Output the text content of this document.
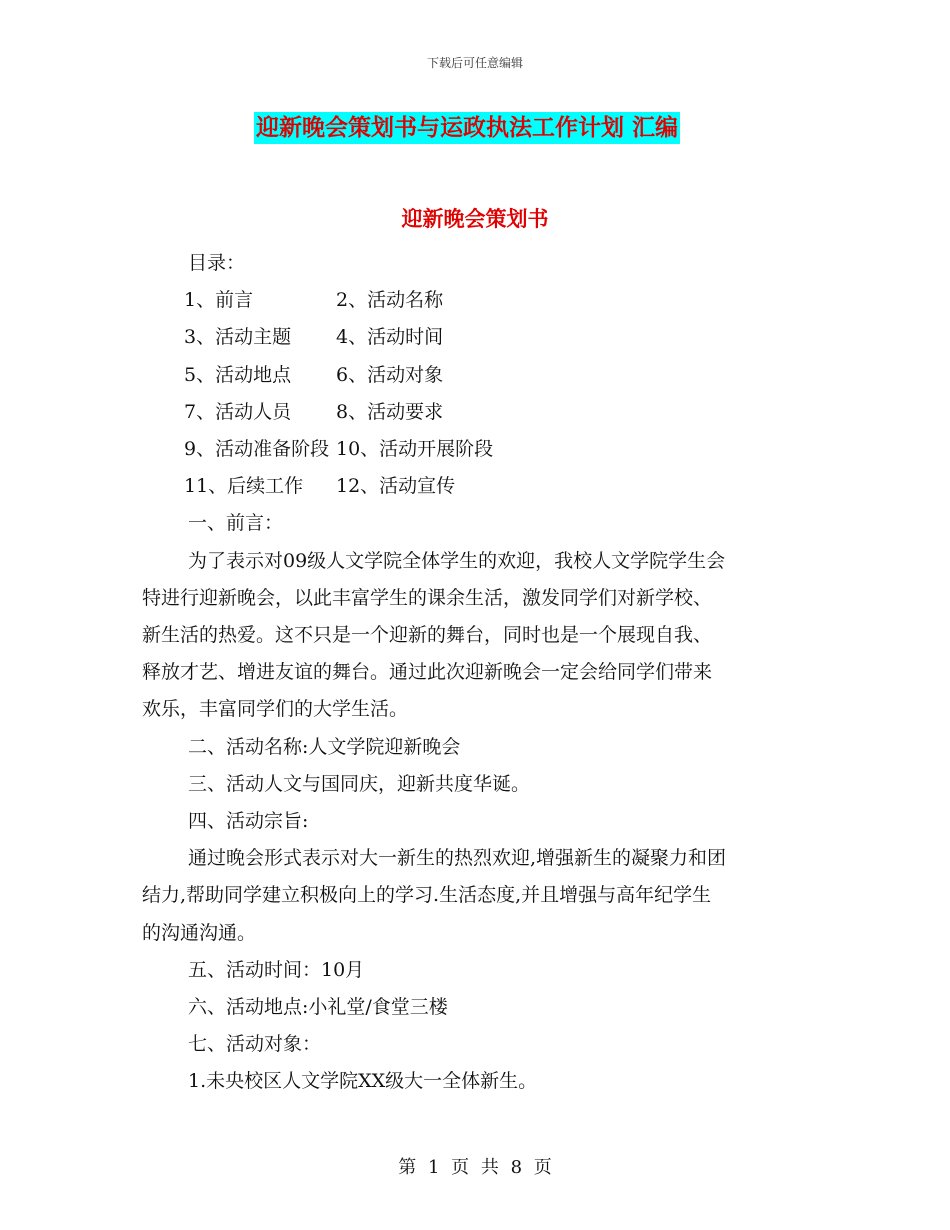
下载后可任意编辑
迎新晚会策划书与运政执法工作计划 汇编
迎新晚会策划书

目录：

1、前言	2、活动名称

3、活动主题 4、活动时间

5、活动地点 6、活动对象

7、活动人员 8、活动要求

9、活动准备阶段 10、活动开展阶段

11、后续工作 12、活动宣传

一、前言：

为了表示对09级人文学院全体学生的欢迎，我校人文学院学生会

特进行迎新晚会，以此丰富学生的课余生活，激发同学们对新学校、

新生活的热爱。这不只是一个迎新的舞台，同时也是一个展现自我、

释放才艺、增进友谊的舞台。通过此次迎新晚会一定会给同学们带来

欢乐，丰富同学们的大学生活。

二、活动名称:人文学院迎新晚会

三、活动人文与国同庆，迎新共度华诞。

四、活动宗旨:

通过晚会形式表示对大一新生的热烈欢迎,增强新生的凝聚力和团

结力,帮助同学建立积极向上的学习.生活态度,并且增强与高年纪学生

的沟通沟通。

五、活动时间：10月

六、活动地点:小礼堂/食堂三楼

七、活动对象：

1.未央校区人文学院XX级大一全体新生。

第 1 页 共 8 页
